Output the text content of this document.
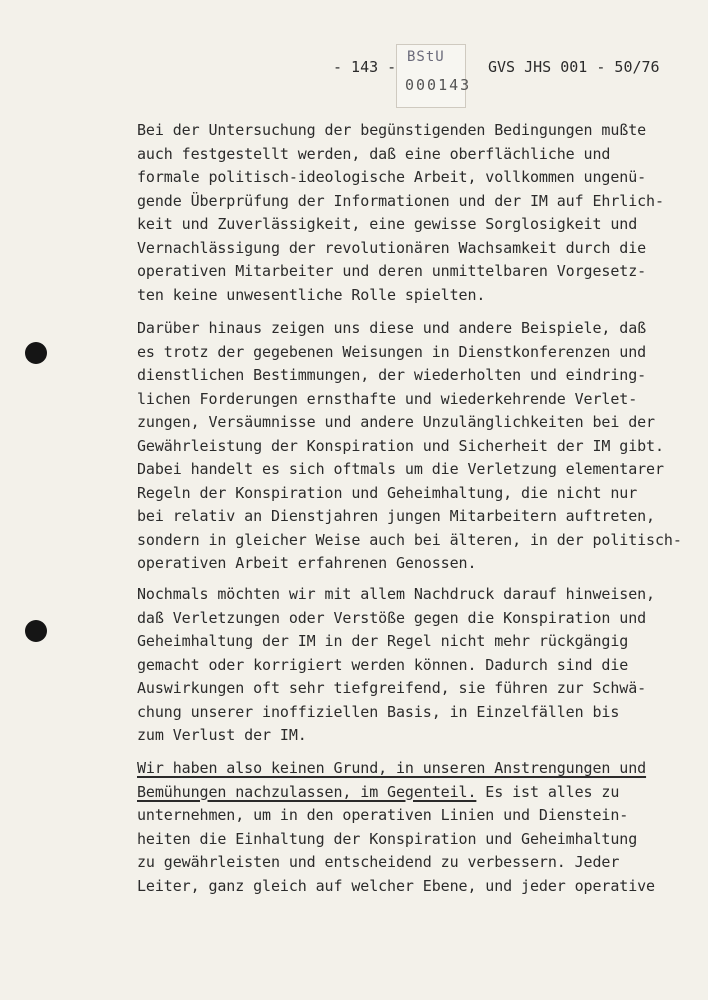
- 143 -
BStU
000143
GVS JHS 001 - 50/76
Bei der Untersuchung der begünstigenden Bedingungen mußte
auch festgestellt werden, daß eine oberflächliche und
formale politisch-ideologische Arbeit, vollkommen ungenü-
gende Überprüfung der Informationen und der IM auf Ehrlich-
keit und Zuverlässigkeit, eine gewisse Sorglosigkeit und
Vernachlässigung der revolutionären Wachsamkeit durch die
operativen Mitarbeiter und deren unmittelbaren Vorgesetz-
ten keine unwesentliche Rolle spielten.
Darüber hinaus zeigen uns diese und andere Beispiele, daß
es trotz der gegebenen Weisungen in Dienstkonferenzen und
dienstlichen Bestimmungen, der wiederholten und eindring-
lichen Forderungen ernsthafte und wiederkehrende Verlet-
zungen, Versäumnisse und andere Unzulänglichkeiten bei der
Gewährleistung der Konspiration und Sicherheit der IM gibt.
Dabei handelt es sich oftmals um die Verletzung elementarer
Regeln der Konspiration und Geheimhaltung, die nicht nur
bei relativ an Dienstjahren jungen Mitarbeitern auftreten,
sondern in gleicher Weise auch bei älteren, in der politisch-
operativen Arbeit erfahrenen Genossen.
Nochmals möchten wir mit allem Nachdruck darauf hinweisen,
daß Verletzungen oder Verstöße gegen die Konspiration und
Geheimhaltung der IM in der Regel nicht mehr rückgängig
gemacht oder korrigiert werden können. Dadurch sind die
Auswirkungen oft sehr tiefgreifend, sie führen zur Schwä-
chung unserer inoffiziellen Basis, in Einzelfällen bis
zum Verlust der IM.
Wir haben also keinen Grund, in unseren Anstrengungen und
Bemühungen nachzulassen, im Gegenteil. Es ist alles zu
unternehmen, um in den operativen Linien und Dienstein-
heiten die Einhaltung der Konspiration und Geheimhaltung
zu gewährleisten und entscheidend zu verbessern. Jeder
Leiter, ganz gleich auf welcher Ebene, und jeder operative
